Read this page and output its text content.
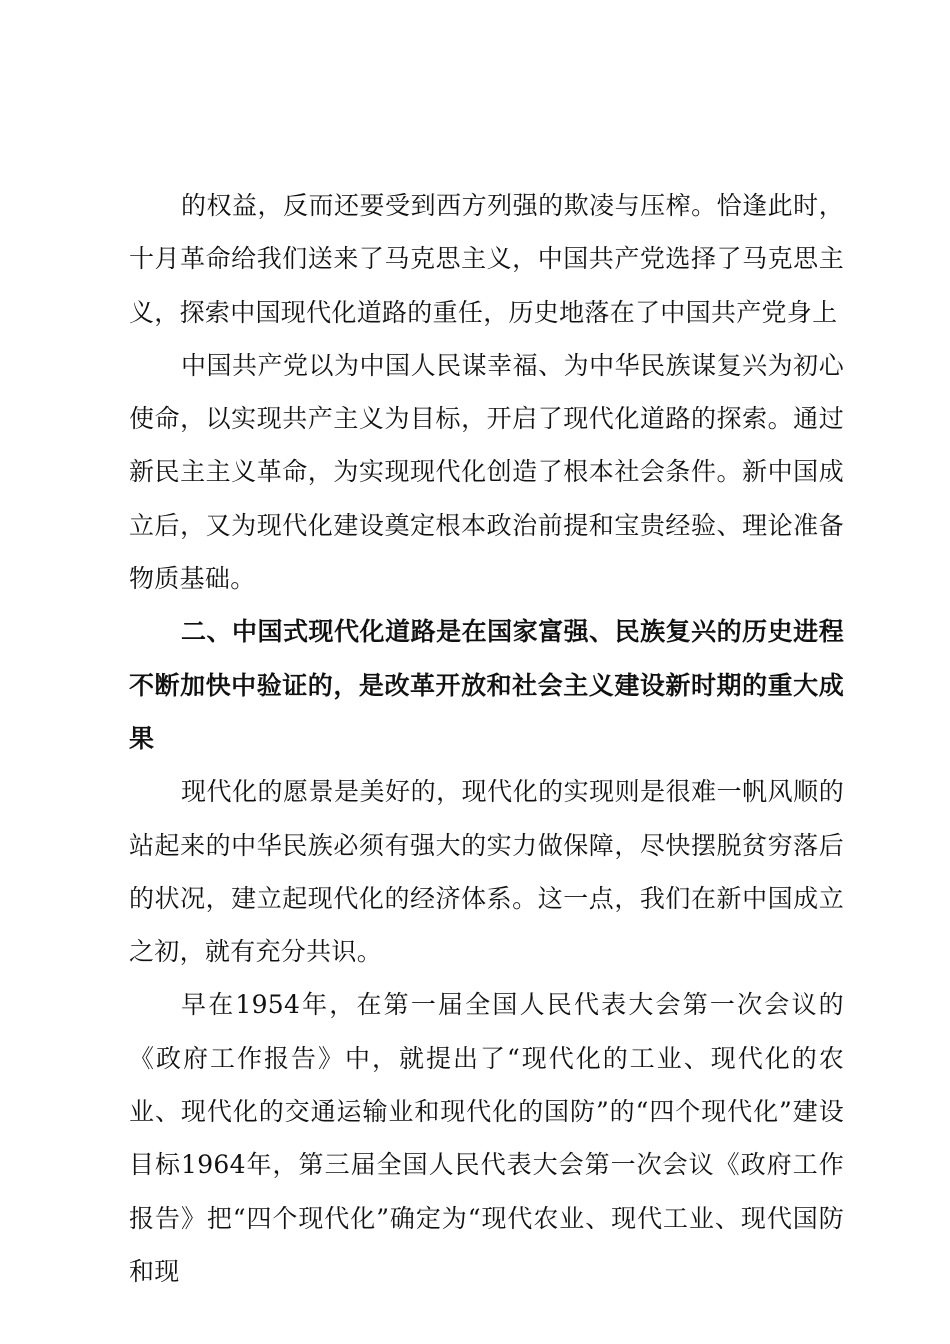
的权益，反而还要受到西方列强的欺凌与压榨。恰逢此时，十月革命给我们送来了马克思主义，中国共产党选择了马克思主义，探索中国现代化道路的重任，历史地落在了中国共产党身上

中国共产党以为中国人民谋幸福、为中华民族谋复兴为初心使命，以实现共产主义为目标，开启了现代化道路的探索。通过新民主主义革命，为实现现代化创造了根本社会条件。新中国成立后，又为现代化建设奠定根本政治前提和宝贵经验、理论准备物质基础。

二、中国式现代化道路是在国家富强、民族复兴的历史进程不断加快中验证的，是改革开放和社会主义建设新时期的重大成果

现代化的愿景是美好的，现代化的实现则是很难一帆风顺的站起来的中华民族必须有强大的实力做保障，尽快摆脱贫穷落后的状况，建立起现代化的经济体系。这一点，我们在新中国成立之初，就有充分共识。

早在1954年，在第一届全国人民代表大会第一次会议的《政府工作报告》中，就提出了“现代化的工业、现代化的农业、现代化的交通运输业和现代化的国防”的“四个现代化”建设目标1964年，第三届全国人民代表大会第一次会议《政府工作报告》把“四个现代化”确定为“现代农业、现代工业、现代国防和现
